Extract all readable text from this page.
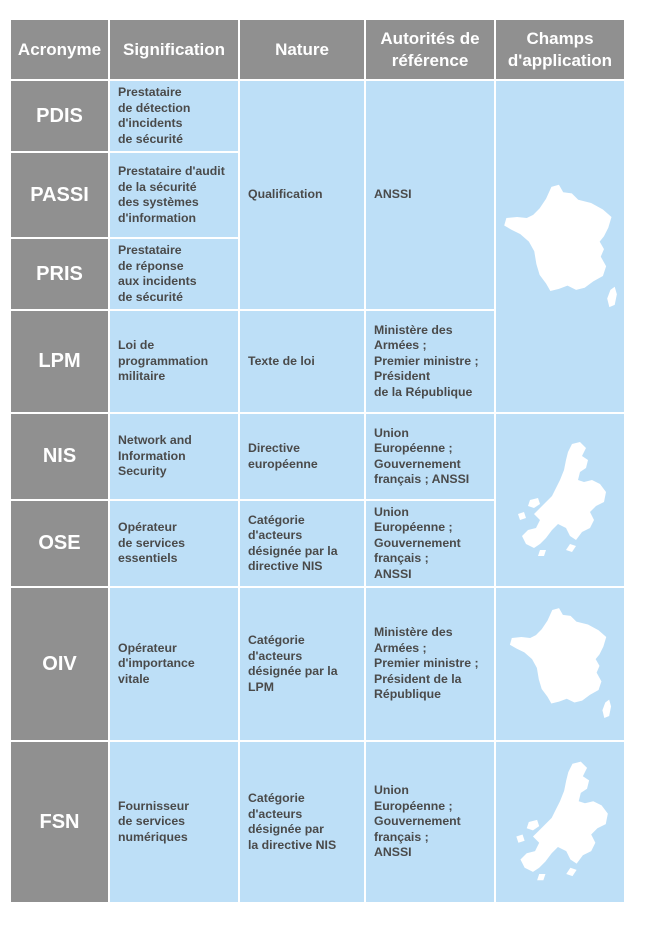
Acronyme	Signification	Nature
Autorités de
référence
Champs
d'application
PDIS
PASSI
PRIS
LPM
NIS
OSE
OIV
FSN
Prestataire
de détection
d'incidents
de sécurité
Prestataire d'audit
de la sécurité
des systèmes
d'information
Prestataire
de réponse
aux incidents
de sécurité
Loi de
programmation
militaire
Network and
Information
Security
Opérateur
de services
essentiels
Opérateur
d'importance
vitale
Fournisseur
de services
numériques
Qualification
Texte de loi
Directive
européenne
Catégorie
d'acteurs
désignée par la
directive NIS
Catégorie
d'acteurs
désignée par la
LPM
Catégorie
d'acteurs
désignée par
la directive NIS
ANSSI
Ministère des
Armées ;
Premier ministre ;
Président
de la République
Union
Européenne ;
Gouvernement
français ; ANSSI
Union
Européenne ;
Gouvernement
français ;
ANSSI
Ministère des
Armées ;
Premier ministre ;
Président de la
République
Union
Européenne ;
Gouvernement
français ;
ANSSI
